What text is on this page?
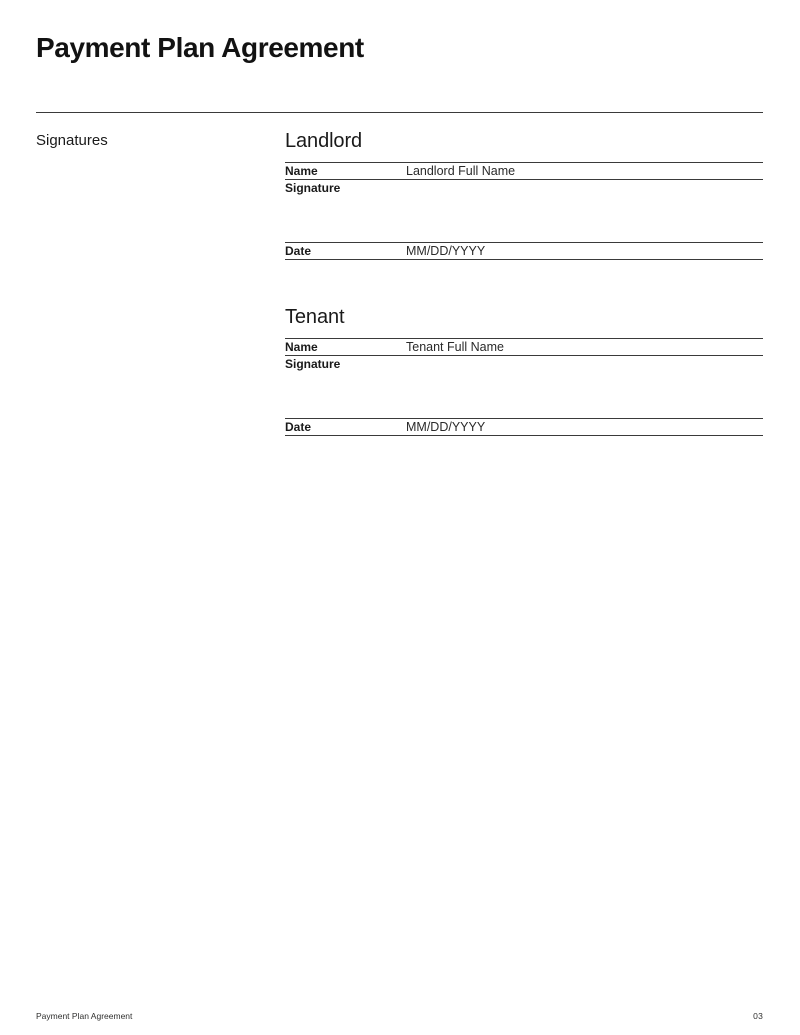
Payment Plan Agreement
Signatures	Landlord
Name	Landlord Full Name
Signature	
Date	MM/DD/YYYY
Tenant
Name	Tenant Full Name
Signature	
Date	MM/DD/YYYY
Payment Plan Agreement	03
